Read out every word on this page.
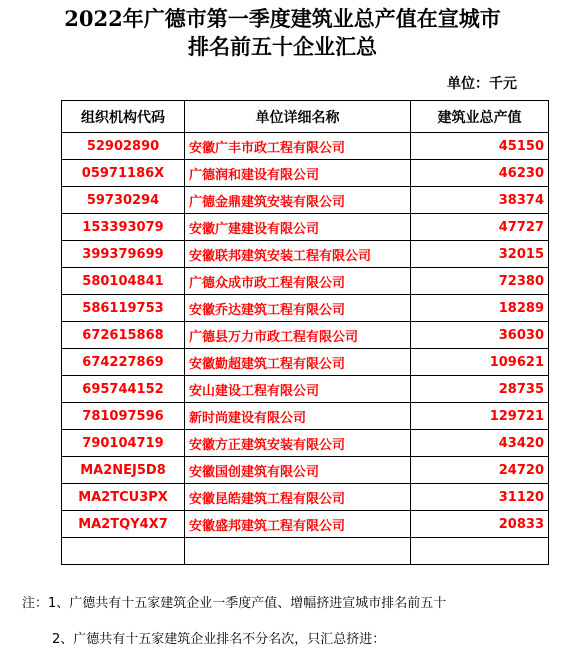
2022年广德市第一季度建筑业总产值在宣城市
排名前五十企业汇总
单位：千元
组织机构代码	单位详细名称	建筑业总产值
52902890	安徽广丰市政工程有限公司	45150
05971186X	广德润和建设有限公司	46230
59730294	广德金鼎建筑安装有限公司	38374
153393079	安徽广建建设有限公司	47727
399379699	安徽联邦建筑安装工程有限公司	32015
580104841	广德众成市政工程有限公司	72380
586119753	安徽乔达建筑工程有限公司	18289
672615868	广德县万力市政工程有限公司	36030
674227869	安徽勤超建筑工程有限公司	109621
695744152	安山建设工程有限公司	28735
781097596	新时尚建设有限公司	129721
790104719	安徽方正建筑安装有限公司	43420
MA2NEJ5D8	安徽国创建筑有限公司	24720
MA2TCU3PX	安徽昆皓建筑工程有限公司	31120
MA2TQY4X7	安徽盛邦建筑工程有限公司	20833

注：1、广德共有十五家建筑企业一季度产值、增幅挤进宣城市排名前五十
2、广德共有十五家建筑企业排名不分名次，只汇总挤进：
